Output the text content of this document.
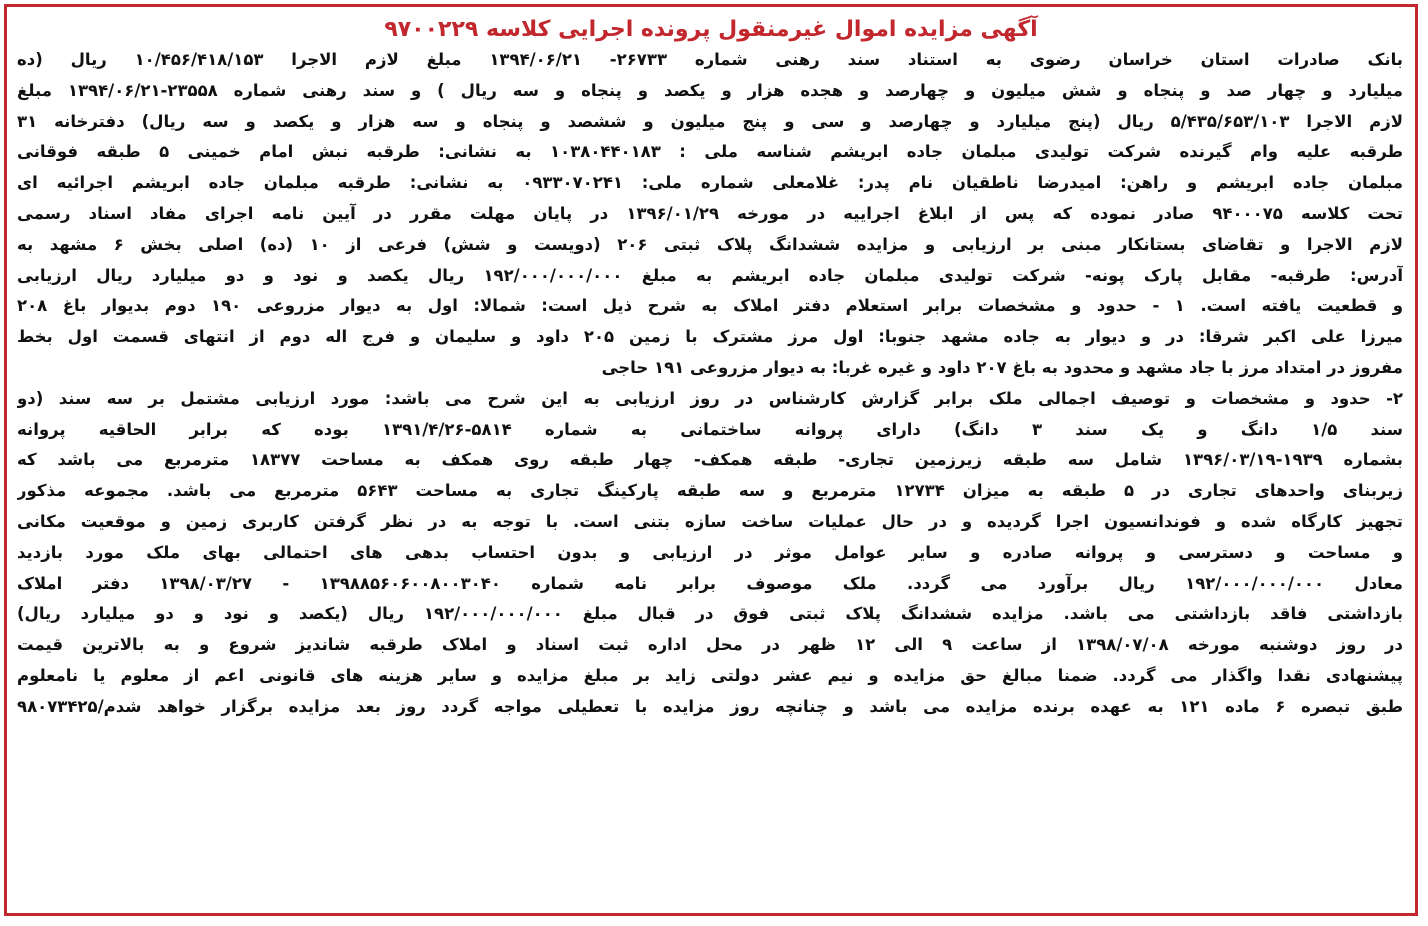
آگهی مزایده اموال غیرمنقول پرونده اجرایی کلاسه ۹۷۰۰۲۲۹
بانک صادرات استان خراسان رضوی به استناد سند رهنی شماره ۲۶۷۳۳- ۱۳۹۴/۰۶/۲۱ مبلغ لازم الاجرا ۱۰/۴۵۶/۴۱۸/۱۵۳ ریال (ده
میلیارد و چهار صد و پنجاه و شش میلیون و چهارصد و هجده هزار و یکصد و پنجاه و سه ریال ) و سند رهنی شماره ۲۳۵۵۸-۱۳۹۴/۰۶/۲۱ مبلغ
لازم الاجرا ۵/۴۳۵/۶۵۳/۱۰۳ ریال (پنج میلیارد و چهارصد و سی و پنج میلیون و ششصد و پنجاه و سه هزار و یکصد و سه ریال) دفترخانه ۳۱
طرقبه علیه وام گیرنده شرکت تولیدی مبلمان جاده ابریشم شناسه ملی : ۱۰۳۸۰۴۴۰۱۸۳ به نشانی: طرقبه نبش امام خمینی ۵ طبقه فوقانی
مبلمان جاده ابریشم و راهن: امیدرضا ناطقیان نام پدر: غلامعلی شماره ملی: ۰۹۳۳۰۷۰۲۴۱ به نشانی: طرقبه مبلمان جاده ابریشم اجرائیه ای
تحت کلاسه ۹۴۰۰۰۷۵ صادر نموده که پس از ابلاغ اجراییه در مورخه ۱۳۹۶/۰۱/۲۹ در پایان مهلت مقرر در آیین نامه اجرای مفاد اسناد رسمی
لازم الاجرا و تقاضای بستانکار مبنی بر ارزیابی و مزایده ششدانگ پلاک ثبتی ۲۰۶ (دویست و شش) فرعی از ۱۰ (ده) اصلی بخش ۶ مشهد به
آدرس: طرقبه- مقابل پارک پونه- شرکت تولیدی مبلمان جاده ابریشم به مبلغ ۱۹۲/۰۰۰/۰۰۰/۰۰۰ ریال یکصد و نود و دو میلیارد ریال ارزیابی
و قطعیت یافته است. ۱ - حدود و مشخصات برابر استعلام دفتر املاک به شرح ذیل است: شمالا: اول به دیوار مزروعی ۱۹۰ دوم بدیوار باغ ۲۰۸
میرزا علی اکبر شرقا: در و دیوار به جاده مشهد جنوبا: اول مرز مشترک با زمین ۲۰۵ داود و سلیمان و فرج اله دوم از انتهای قسمت اول بخط
مفروز در امتداد مرز با جاد مشهد و محدود به باغ ۲۰۷ داود و غیره غربا: به دیوار مزروعی ۱۹۱ حاجی
۲- حدود و مشخصات و توصیف اجمالی ملک برابر گزارش کارشناس در روز ارزیابی به این شرح می باشد: مورد ارزیابی مشتمل بر سه سند (دو
سند ۱/۵ دانگ و یک سند ۳ دانگ) دارای پروانه ساختمانی به شماره ۵۸۱۴-۱۳۹۱/۴/۲۶ بوده که برابر الحاقیه پروانه
بشماره ۱۹۳۹-۱۳۹۶/۰۳/۱۹ شامل سه طبقه زیرزمین تجاری- طبقه همکف- چهار طبقه روی همکف به مساحت ۱۸۳۷۷ مترمربع می باشد که
زیربنای واحدهای تجاری در ۵ طبقه به میزان ۱۲۷۳۴ مترمربع و سه طبقه پارکینگ تجاری به مساحت ۵۶۴۳ مترمربع می باشد. مجموعه مذکور
تجهیز کارگاه شده و فوندانسیون اجرا گردیده و در حال عملیات ساخت سازه بتنی است. با توجه به در نظر گرفتن کاربری زمین و موقعیت مکانی
و مساحت و دسترسی و پروانه صادره و سایر عوامل موثر در ارزیابی و بدون احتساب بدهی های احتمالی بهای ملک مورد بازدید
معادل ۱۹۲/۰۰۰/۰۰۰/۰۰۰ ریال برآورد می گردد. ملک موصوف برابر نامه شماره ۱۳۹۸۸۵۶۰۶۰۰۸۰۰۳۰۴۰ - ۱۳۹۸/۰۳/۲۷ دفتر املاک
بازداشتی فاقد بازداشتی می باشد. مزایده ششدانگ پلاک ثبتی فوق در قبال مبلغ ۱۹۲/۰۰۰/۰۰۰/۰۰۰ ریال (یکصد و نود و دو میلیارد ریال)
در روز دوشنبه مورخه ۱۳۹۸/۰۷/۰۸ از ساعت ۹ الی ۱۲ ظهر در محل اداره ثبت اسناد و املاک طرقبه شاندیز شروع و به بالاترین قیمت
پیشنهادی نقدا واگذار می گردد. ضمنا مبالغ حق مزایده و نیم عشر دولتی زاید بر مبلغ مزایده و سایر هزینه های قانونی اعم از معلوم یا نامعلوم
طبق تبصره ۶ ماده ۱۲۱ به عهده برنده مزایده می باشد و چنانچه روز مزایده با تعطیلی مواجه گردد روز بعد مزایده برگزار خواهد شدم/۹۸۰۷۳۴۲۵
